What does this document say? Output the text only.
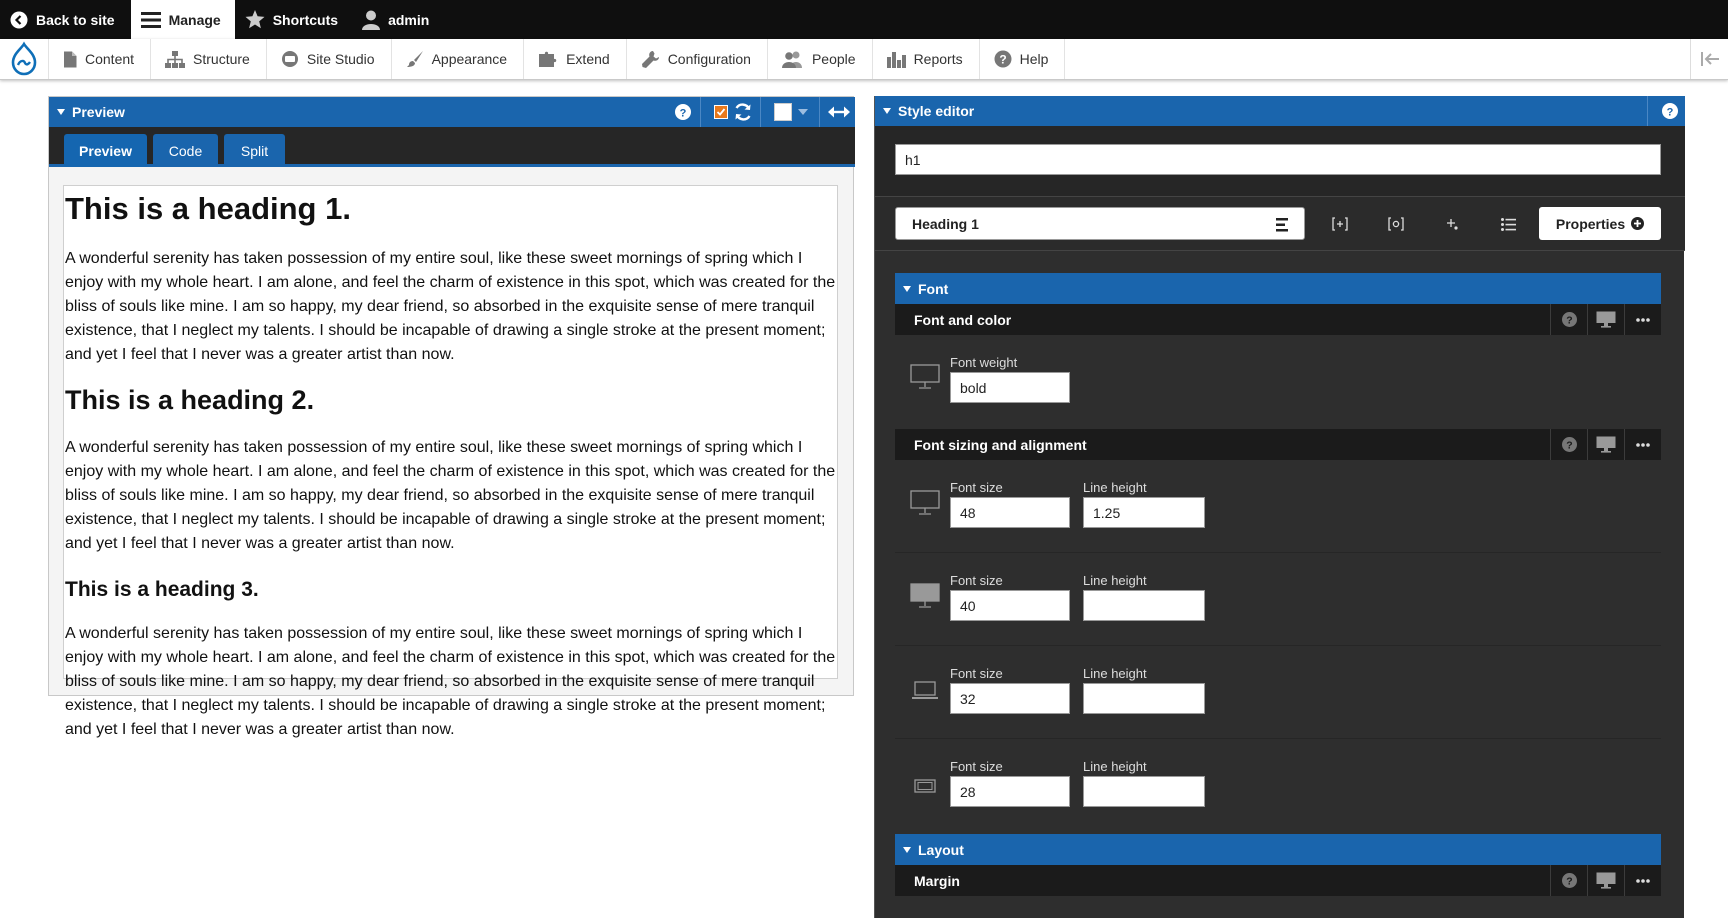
Back to site	Manage	Shortcuts	admin
Content	Structure	Site Studio	Appearance	Extend	Configuration	People	Reports	? Help
Preview	?
Preview	Code	Split
This is a heading 1.

A wonderful serenity has taken possession of my entire soul, like these sweet mornings of spring which I enjoy with my whole heart. I am alone, and feel the charm of existence in this spot, which was created for the bliss of souls like mine. I am so happy, my dear friend, so absorbed in the exquisite sense of mere tranquil existence, that I neglect my talents. I should be incapable of drawing a single stroke at the present moment; and yet I feel that I never was a greater artist than now.

This is a heading 2.

A wonderful serenity has taken possession of my entire soul, like these sweet mornings of spring which I enjoy with my whole heart. I am alone, and feel the charm of existence in this spot, which was created for the bliss of souls like mine. I am so happy, my dear friend, so absorbed in the exquisite sense of mere tranquil existence, that I neglect my talents. I should be incapable of drawing a single stroke at the present moment; and yet I feel that I never was a greater artist than now.

This is a heading 3.

A wonderful serenity has taken possession of my entire soul, like these sweet mornings of spring which I enjoy with my whole heart. I am alone, and feel the charm of existence in this spot, which was created for the bliss of souls like mine. I am so happy, my dear friend, so absorbed in the exquisite sense of mere tranquil existence, that I neglect my talents. I should be incapable of drawing a single stroke at the present moment; and yet I feel that I never was a greater artist than now.

Style editor	?
h1
Heading 1	Properties
Font
Font and color	?
Font weight
bold
Font sizing and alignment	?
Font size
48
Line height
1.25
Font size
40
Line height
Font size
32
Line height
Font size
28
Line height
Layout
Margin	?
